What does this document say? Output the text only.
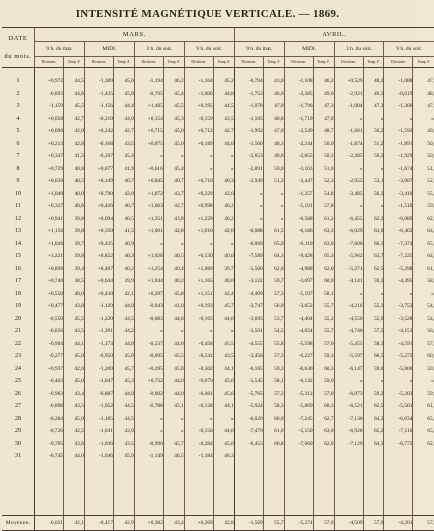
INTENSITÉ MAGNÉTIQUE VERTICALE. — 1869.
DATE

du mois.	MARS.								AVRIL.							
	9 h. du mat.		MIDI.		3 h. du soir.		9 h. du soir.		9 h. du mat.		MIDI.		3 h. du soir.		9 h. du soir.	
	Divisions.	Temp. F.	Divisions.	Temp. F.	Divisions.	Temp. F.	Divisions.	Temp. F.	Divisions.	Temp. F.	Divisions.	Temp. F.	Divisions.	Temp. F.	Divisions.	Temp. F.

1	+0,972	44,5	-1,389	45,0	-1,194	46,2	-1,164	45,2	-0,794	43,0	-1,108	46,2	+0,529	48,2	-1,088	47,
2	-0,893	44,6	-1,425	45,9	-0,705	45,4	-1,000	44,8	-1,753	46,0	-2,385	49,0	-2,921	49,3	-0,619	48,
3	-1,159	45,5	-1,156	44,4	+1,485	45,5	+0,195	44,5	-1,078	47,0	-1,796	47,3	-1,084	47,3	-1,366	47,
4	+0,058	42,7	-0,210	44,0	+0,154	45,3	-0,159	43,5	-1,105	40,8	-1,710	47,0	»	»	»	»
5	+0,096	42,0	+0,242	42,7	+0,715	45,0	+0,712	42,7	-1,992	47,0	-2,549	48,7	-1,681	50,2	-1,592	49,
6	+0,213	42,8	-0,168	43,5	+0,075	45,0	+0,189	44,0	-1,560	48,3	-2,244	50,0	-1,874	51,2	-1,891	50,
7	+0,347	41,5	-0,207	45,4	»	»	»	»	-2,653	40,6	-2,855	50,3	-2,385	50,2	-1,929	50,
8	+0,729	40,8	+0,077	41,9	+0,616	45,4	»	»	-2,891	50,0	-3,163	51,0	»	»	-1,674	51,
9	+0,630	40,5	+0,149	40,7	+0,845	40,7	+0,716	40,3	-2,949	51,3	-3,447	52,3	-2,955	53,1	-3,607	52,
10	+1,040	40,0	+0,790	42,0	+1,872	43,7	+0,229	42,0	»	»	-1,257	54,8	-3,485	56,3	-3,410	55,
11	+0,327	40,6	+0,426	40,7	+1,063	42,7	+0,998	40,2	»	»	-5,191	57,8	»	»	-1,510	59,
12	+0,941	39,8	+0,694	40,5	+1,351	43,8	+1,229	40,2	»	»	-6,588	61,2	-6,455	62,2	-6,089	62,
13	+1,156	39,8	+0,350	41,5	+1,001	42,8	+1,010	42,0	-6,088	61,5	-6,186	63,3	-6,029	63,0	-6,402	64,
14	+1,046	39,7	+0,425	40,9	»	»	»	»	-6,069	65,0	-6,110	63,0	-7,600	66,3	-7,374	65,
15	+1,221	39,8	+0,822	40,3	+1,028	40,5	+0,530	40,0	-7,589	64,3	-9,428	65,3	-5,962	63,7	-7,225	64,
16	+0,896	39,4	+0,467	40,2	+1,254	40,4	+1,089	39,7	-5,560	62,0	-4,988	62,0	-5,271	62,5	-5,298	61,
17	+0,740	38,5	+0,644	39,9	+1,044	40,2	+1,165	40,0	-3,122	59,7	-3,697	60,0	-4,141	59,3	-4,495	58,
18	+0,550	40,0	+0,430	42,1	+0,207	45,8	+1,151	42,4	-4,409	57,3	-5,197	58,1	»	»	»	»
19	+0,477	43,8	-1,120	44,0	-0,643	41,0	+0,193	45,7	-2,747	56,0	-3,652	55,7	-4,216	55,3	-3,752	54,
20	-0,550	45,5	-1,220	44,5	-0,683	44,6	-0,165	44,0	-3,695	53,7	-4,404	55,2	-4,550	55,0	-3,528	54,
21	-0,856	43,5	-1,391	44,2	»	»	»	»	-3,501	54,5	-4,054	55,7	-4,746	57,5	-4,151	56,
22	-0,904	44,1	-1,173	44,0	-0,537	44,0	-0,458	45,5	-4,555	55,8	-5,598	57,0	-5,455	58,3	-4,591	57,
23	-0,277	45,0	-0,950	45,0	-0,695	45,5	-0,241	43,5	-3,456	57,3	-6,227	59,3	-5,597	60,5	-5,275	60,
24	+0,937	42,0	-1,269	45,7	+0,395	45,0	-0,502	44,1	-6,165	59,3	-6,630	60,3	-6,147	59,0	-5,806	59,
25	-0,403	45,0	-1,047	45,3	+0,732	44,0	-0,679	45,0	-5,545	58,1	-6,142	59,0	»	»	»	»
26	-0,963	43,4	-0,887	44,0	-0,002	44,0	-0,461	45,6	-5,765	57,3	-5,312	57,0	-6,073	59,2	-5,203	59,
27	-0,898	43,5	-1,052	44,5	-0,788	45,1	-0,128	44,1	-5,924	58,3	-5,869	60,3	-6,521	62,5	-5,561	61,
28	-0,284	45,0	-1,185	44,5	»	»	»	»	-6,020	60,0	-7,245	62,7	-7,136	64,3	-6,034	65,
29	-0,726	42,5	-1,041	43,9	»	»	-0,156	44,0	-7,479	61,0	-5,150	63,0	-6,928	65,2	-7,116	65,
30	-0,705	43,6	-1,036	43,5	-0,990	45,7	-0,284	45,0	-6,455	60,8	-7,060	62,0	-7,129	64,3	-6,775	62,
31	-0,745	44,0	-1,646	45,9	-1,149	46,5	-1,184	46,3								

Moyenne.	-0,021	42,1	-0,417	42,9	+0,382	43,4	+0,209	42,8	-1,569	55,7	-5,274	57,0	-4,509	57,9	-4,201	57,
